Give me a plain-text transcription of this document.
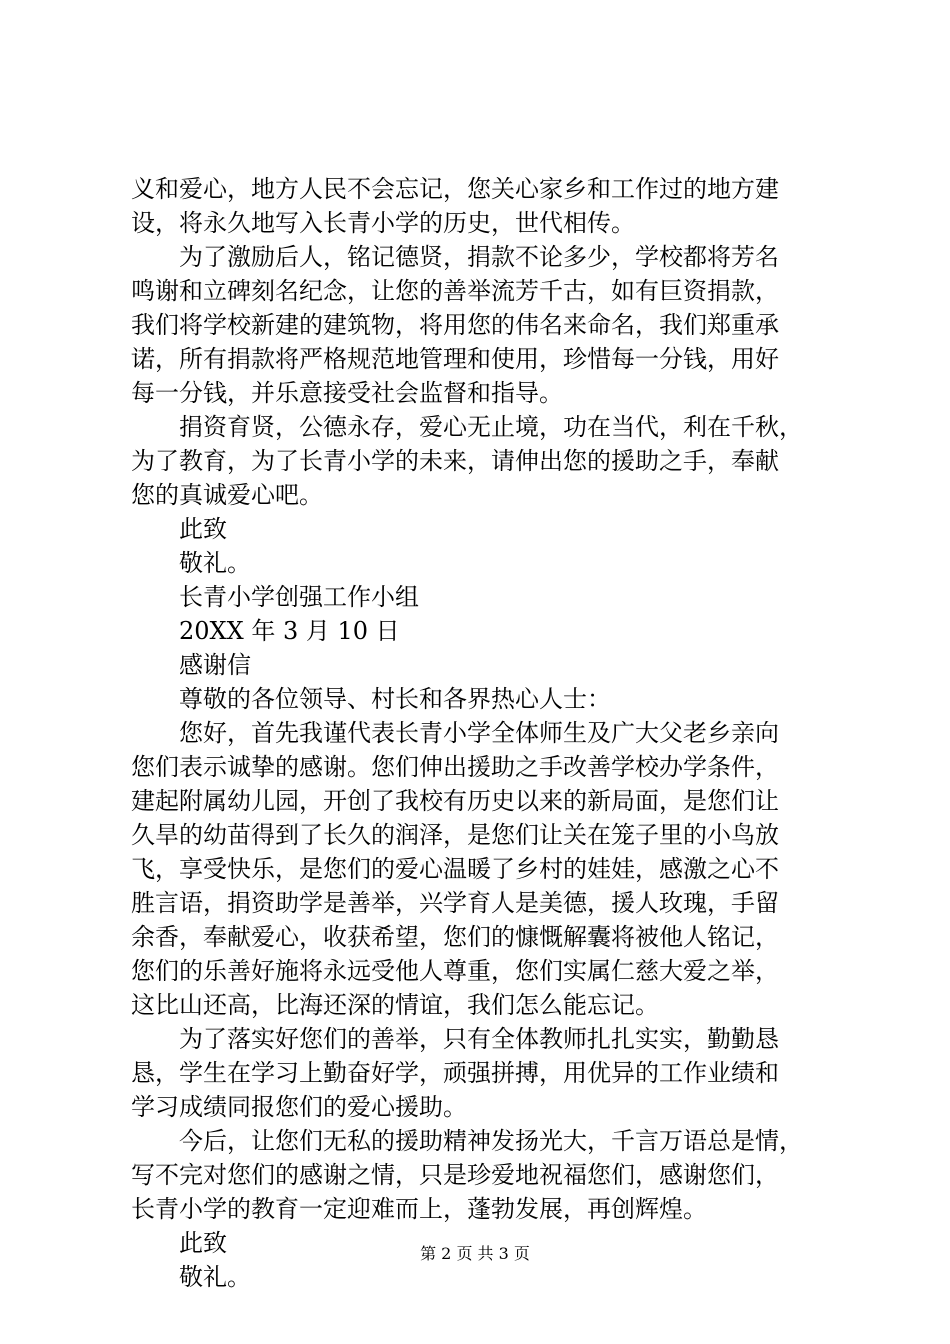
义和爱心，地方人民不会忘记，您关心家乡和工作过的地方建
设，将永久地写入长青小学的历史，世代相传。
为了激励后人，铭记德贤，捐款不论多少，学校都将芳名
鸣谢和立碑刻名纪念，让您的善举流芳千古，如有巨资捐款，
我们将学校新建的建筑物，将用您的伟名来命名，我们郑重承
诺，所有捐款将严格规范地管理和使用，珍惜每一分钱，用好
每一分钱，并乐意接受社会监督和指导。
捐资育贤，公德永存，爱心无止境，功在当代，利在千秋，
为了教育，为了长青小学的未来，请伸出您的援助之手，奉献
您的真诚爱心吧。
此致
敬礼。
长青小学创强工作小组
20XX 年 3 月 10 日
感谢信
尊敬的各位领导、村长和各界热心人士：
您好，首先我谨代表长青小学全体师生及广大父老乡亲向
您们表示诚挚的感谢。您们伸出援助之手改善学校办学条件，
建起附属幼儿园，开创了我校有历史以来的新局面，是您们让
久旱的幼苗得到了长久的润泽，是您们让关在笼子里的小鸟放
飞，享受快乐，是您们的爱心温暖了乡村的娃娃，感激之心不
胜言语，捐资助学是善举，兴学育人是美德，援人玫瑰，手留
余香，奉献爱心，收获希望，您们的慷慨解囊将被他人铭记，
您们的乐善好施将永远受他人尊重，您们实属仁慈大爱之举，
这比山还高，比海还深的情谊，我们怎么能忘记。
为了落实好您们的善举，只有全体教师扎扎实实，勤勤恳
恳，学生在学习上勤奋好学，顽强拼搏，用优异的工作业绩和
学习成绩同报您们的爱心援助。
今后，让您们无私的援助精神发扬光大，千言万语总是情，
写不完对您们的感谢之情，只是珍爱地祝福您们，感谢您们，
长青小学的教育一定迎难而上，蓬勃发展，再创辉煌。
此致
敬礼。
第 2 页 共 3 页
